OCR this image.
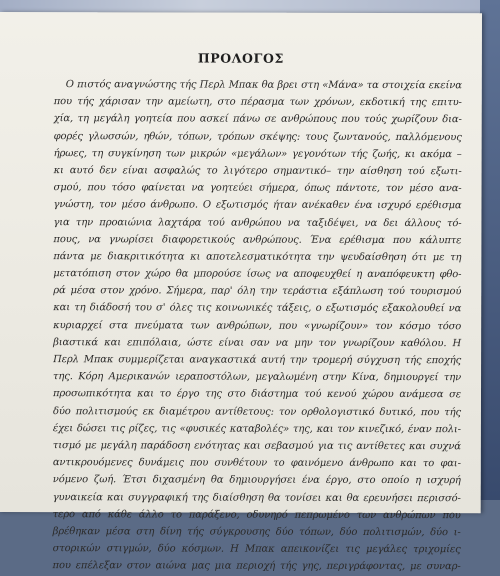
ΠΡΟΛΟΓΟΣ
Ο πιστός αναγνώστης τής Περλ Μπακ θα βρει στη «Μάνα» τα στοιχεία εκείνα
που τής χάρισαν την αμείωτη, στο πέρασμα των χρόνων, εκδοτική της επιτυ-
χία, τη μεγάλη γοητεία που ασκεί πάνω σε ανθρώπους που τούς χωρίζουν δια-
φορές γλωσσών, ηθών, τόπων, τρόπων σκέψης: τους ζωντανούς, παλλόμενους
ήρωες, τη συγκίνηση των μικρών «μεγάλων» γεγονότων τής ζωής, κι ακόμα –
κι αυτό δεν είναι ασφαλώς το λιγότερο σημαντικό– την αίσθηση τού εξωτι-
σμού, που τόσο φαίνεται να γοητεύει σήμερα, όπως πάντοτε, τον μέσο ανα-
γνώστη, τον μέσο άνθρωπο. Ο εξωτισμός ήταν ανέκαθεν ένα ισχυρό ερέθισμα
για την προαιώνια λαχτάρα τού ανθρώπου να ταξιδέψει, να δει άλλους τό-
πους, να γνωρίσει διαφορετικούς ανθρώπους. Ένα ερέθισμα που κάλυπτε
πάντα με διακριτικότητα κι αποτελεσματικότητα την ψευδαίσθηση ότι με τη
μετατόπιση στον χώρο θα μπορούσε ίσως να αποφευχθεί η αναπόφευκτη φθο-
ρά μέσα στον χρόνο. Σήμερα, παρ' όλη την τεράστια εξάπλωση τού τουρισμού
και τη διάδοσή του σ' όλες τις κοινωνικές τάξεις, ο εξωτισμός εξακολουθεί να
κυριαρχεί στα πνεύματα των ανθρώπων, που «γνωρίζουν» τον κόσμο τόσο
βιαστικά και επιπόλαια, ώστε είναι σαν να μην τον γνωρίζουν καθόλου. Η
Περλ Μπακ συμμερίζεται αναγκαστικά αυτή την τρομερή σύγχυση τής εποχής
της. Κόρη Αμερικανών ιεραποστόλων, μεγαλωμένη στην Κίνα, δημιουργεί την
προσωπικότητα και το έργο της στο διάστημα τού κενού χώρου ανάμεσα σε
δύο πολιτισμούς εκ διαμέτρου αντίθετους: τον ορθολογιστικό δυτικό, που τής
έχει δώσει τις ρίζες, τις «φυσικές καταβολές» της, και τον κινεζικό, έναν πολι-
τισμό με μεγάλη παράδοση ενότητας και σεβασμού για τις αντίθετες και συχνά
αντικρουόμενες δυνάμεις που συνθέτουν το φαινόμενο άνθρωπο και το φαι-
νόμενο ζωή. Έτσι διχασμένη θα δημιουργήσει ένα έργο, στο οποίο η ισχυρή
γυναικεία και συγγραφική της διαίσθηση θα τονίσει και θα ερευνήσει περισσό-
τερο από κάθε άλλο το παράξενο, οδυνηρό πεπρωμένο των ανθρώπων που
βρέθηκαν μέσα στη δίνη τής σύγκρουσης δύο τόπων, δύο πολιτισμών, δύο ι-
στορικών στιγμών, δύο κόσμων. Η Μπακ απεικονίζει τις μεγάλες τριχομίες
που επέλεξαν στον αιώνα μας μια περιοχή τής γης, περιγράφοντας, με συναρ-
